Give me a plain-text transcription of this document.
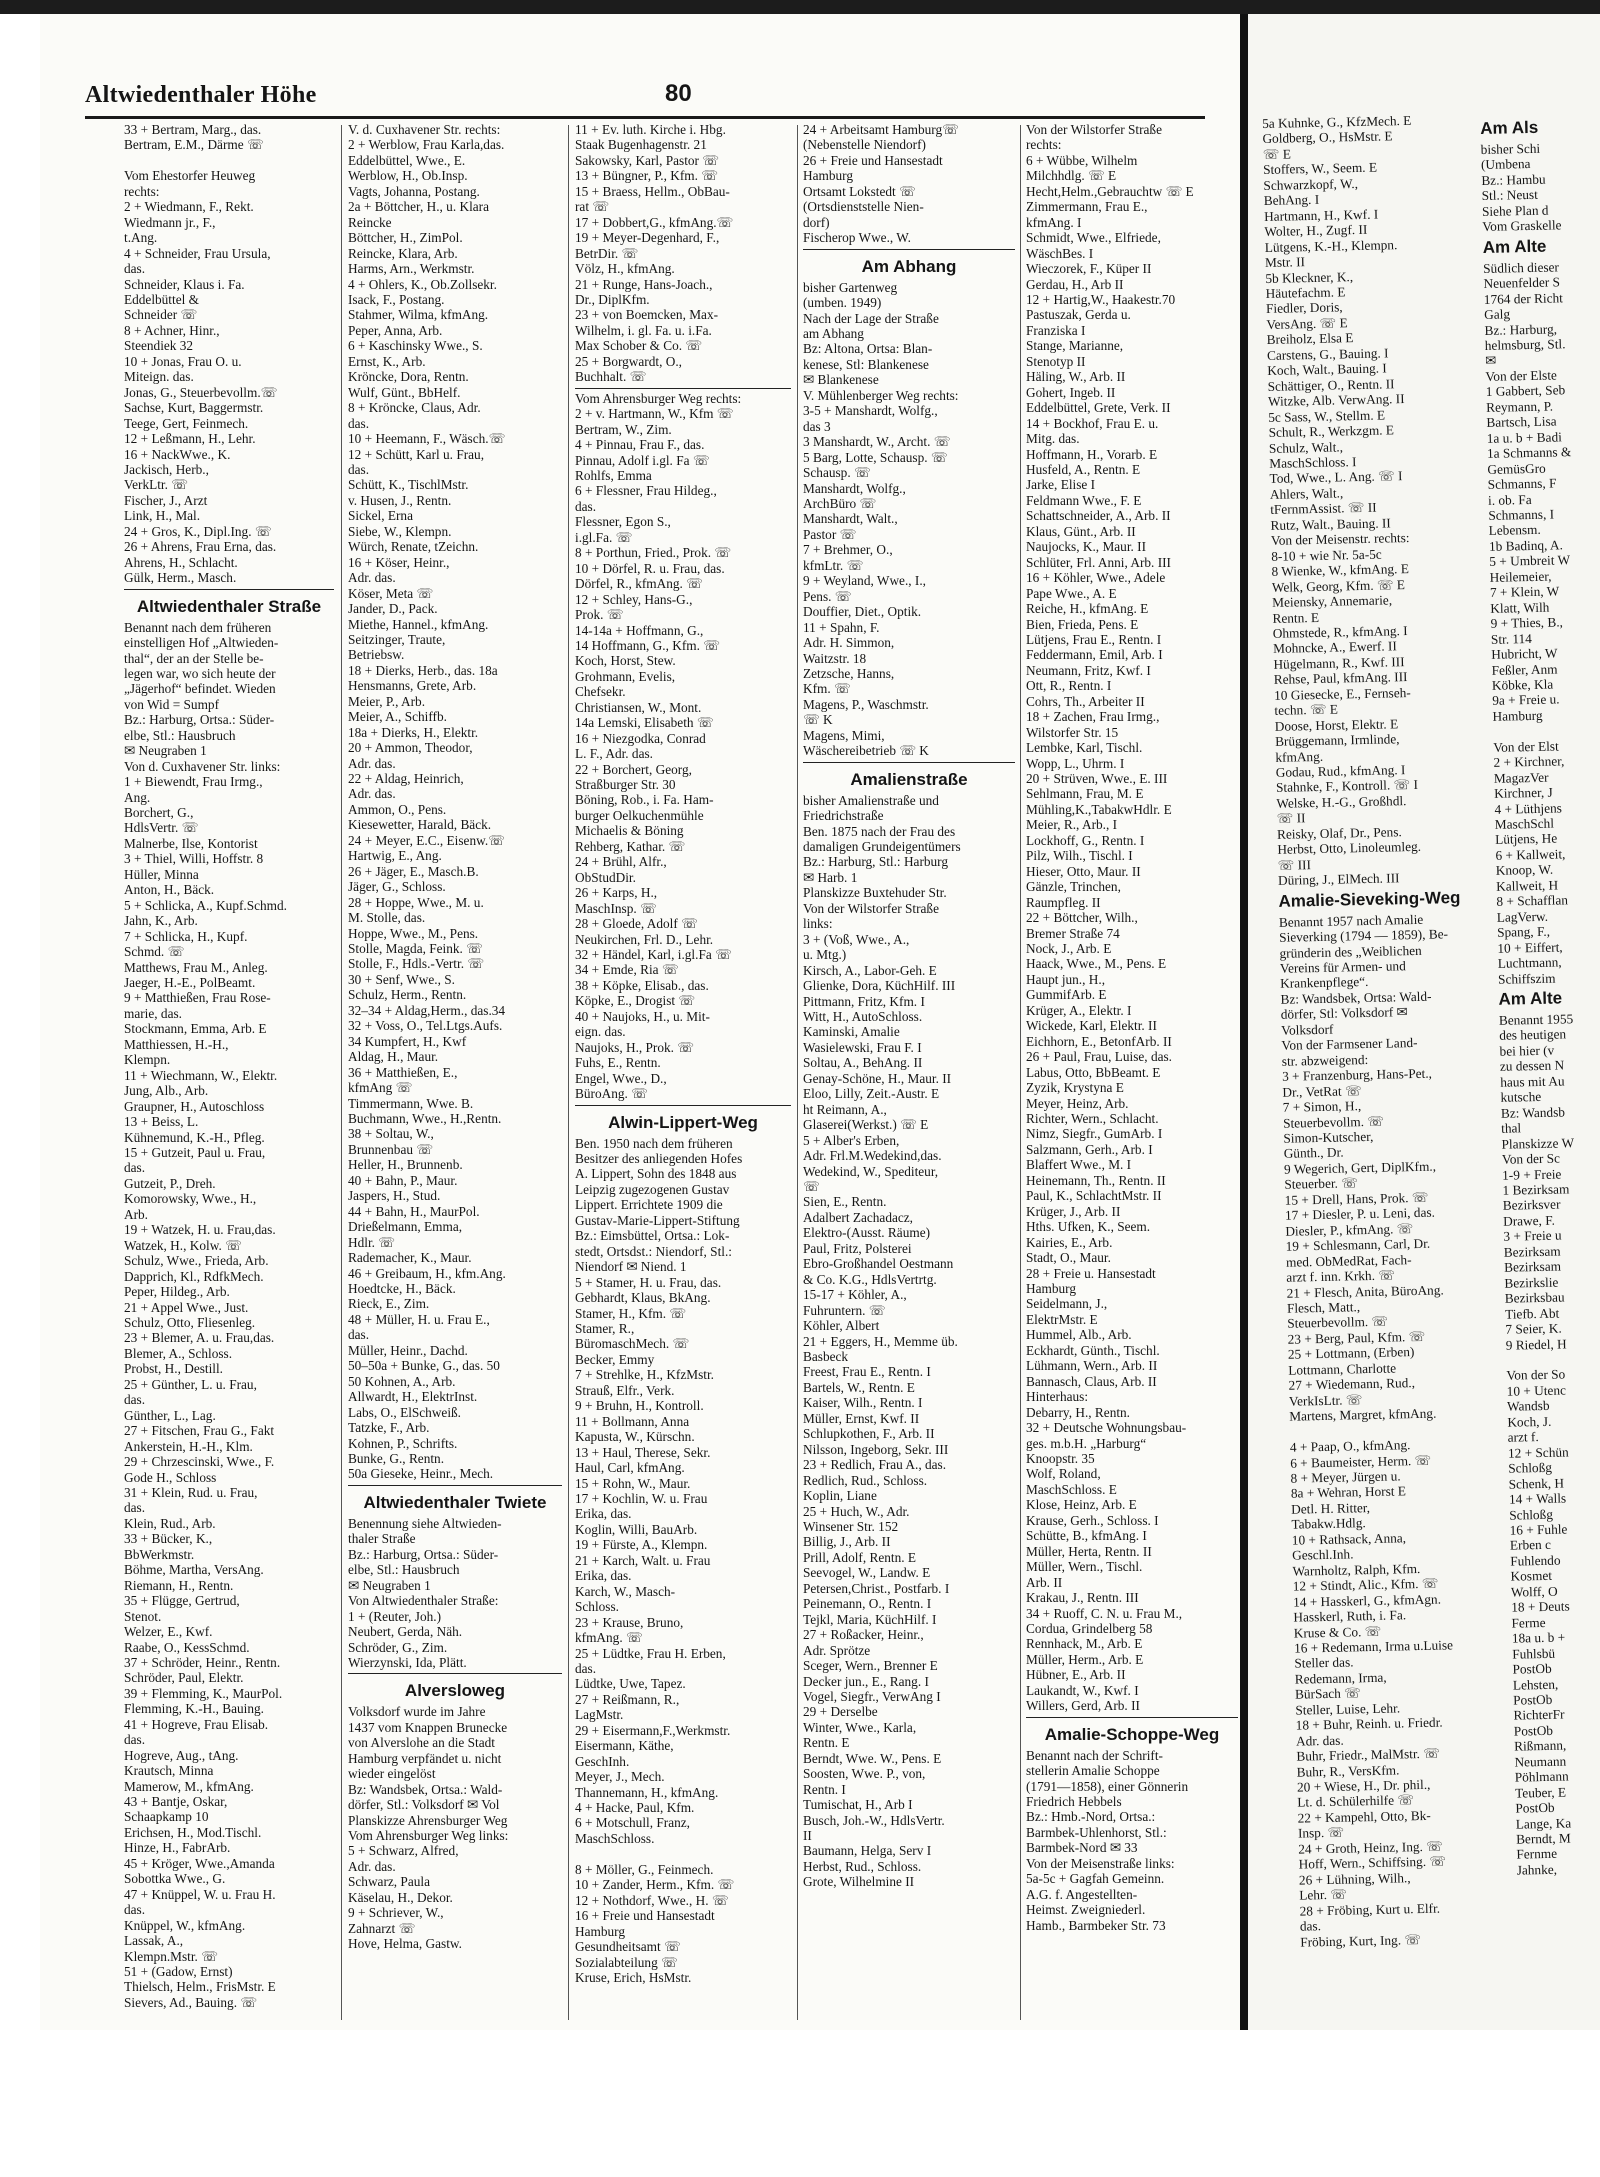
Altwiedenthaler Höhe	80
33 + Bertram, Marg., das.
Bertram, E.M., Därme ☏

Vom Ehestorfer Heuweg
rechts:
2 + Wiedmann, F., Rekt.
Wiedmann jr., F.,
t.Ang.
4 + Schneider, Frau Ursula,
das.
Schneider, Klaus i. Fa.
Eddelbüttel &
Schneider ☏
8 + Achner, Hinr.,
Steendiek 32
10 + Jonas, Frau O. u.
Miteign. das.
Jonas, G., Steuerbevollm.☏
Sachse, Kurt, Baggermstr.
Teege, Gert, Feinmech.
12 + Leßmann, H., Lehr.
16 + NackWwe., K.
Jackisch, Herb.,
VerkLtr. ☏
Fischer, J., Arzt
Link, H., Mal.
24 + Gros, K., Dipl.Ing. ☏
26 + Ahrens, Frau Erna, das.
Ahrens, H., Schlacht.
Gülk, Herm., Masch.
Altwiedenthaler Straße
Benannt nach dem früheren
einstelligen Hof „Altwieden-
thal“, der an der Stelle be-
legen war, wo sich heute der
„Jägerhof“ befindet. Wieden
von Wid = Sumpf
Bz.: Harburg, Ortsa.: Süder-
elbe, Stl.: Hausbruch
✉ Neugraben 1
Von d. Cuxhavener Str. links:
1 + Biewendt, Frau Irmg.,
Ang.
Borchert, G.,
HdlsVertr. ☏
Malnerbe, Ilse, Kontorist
3 + Thiel, Willi, Hoffstr. 8
Hüller, Minna
Anton, H., Bäck.
5 + Schlicka, A., Kupf.Schmd.
Jahn, K., Arb.
7 + Schlicka, H., Kupf.
Schmd. ☏
Matthews, Frau M., Anleg.
Jaeger, H.-E., PolBeamt.
9 + Matthießen, Frau Rose-
marie, das.
Stockmann, Emma, Arb. E
Matthiessen, H.-H.,
Klempn.
11 + Wiechmann, W., Elektr.
Jung, Alb., Arb.
Graupner, H., Autoschloss
13 + Beiss, L.
Kühnemund, K.-H., Pfleg.
15 + Gutzeit, Paul u. Frau,
das.
Gutzeit, P., Dreh.
Komorowsky, Wwe., H.,
Arb.
19 + Watzek, H. u. Frau,das.
Watzek, H., Kolw. ☏
Schulz, Wwe., Frieda, Arb.
Dapprich, Kl., RdfkMech.
Peper, Hildeg., Arb.
21 + Appel Wwe., Just.
Schulz, Otto, Fliesenleg.
23 + Blemer, A. u. Frau,das.
Blemer, A., Schloss.
Probst, H., Destill.
25 + Günther, L. u. Frau,
das.
Günther, L., Lag.
27 + Fitschen, Frau G., Fakt
Ankerstein, H.-H., Klm.
29 + Chrzescinski, Wwe., F.
Gode H., Schloss
31 + Klein, Rud. u. Frau,
das.
Klein, Rud., Arb.
33 + Bücker, K.,
BbWerkmstr.
Böhme, Martha, VersAng.
Riemann, H., Rentn.
35 + Flügge, Gertrud,
Stenot.
Welzer, E., Kwf.
Raabe, O., KessSchmd.
37 + Schröder, Heinr., Rentn.
Schröder, Paul, Elektr.
39 + Flemming, K., MaurPol.
Flemming, K.-H., Bauing.
41 + Hogreve, Frau Elisab.
das.
Hogreve, Aug., tAng.
Krautsch, Minna
Mamerow, M., kfmAng.
43 + Bantje, Oskar,
Schaapkamp 10
Erichsen, H., Mod.Tischl.
Hinze, H., FabrArb.
45 + Kröger, Wwe.,Amanda
Sobottka Wwe., G.
47 + Knüppel, W. u. Frau H.
das.
Knüppel, W., kfmAng.
Lassak, A.,
Klempn.Mstr. ☏
51 + (Gadow, Ernst)
Thielsch, Helm., FrisMstr. E
Sievers, Ad., Bauing. ☏
V. d. Cuxhavener Str. rechts:
2 + Werblow, Frau Karla,das.
Eddelbüttel, Wwe., E.
Werblow, H., Ob.Insp.
Vagts, Johanna, Postang.
2a + Böttcher, H., u. Klara
Reincke
Böttcher, H., ZimPol.
Reincke, Klara, Arb.
Harms, Arn., Werkmstr.
4 + Ohlers, K., Ob.Zollsekr.
Isack, F., Postang.
Stahmer, Wilma, kfmAng.
Peper, Anna, Arb.
6 + Kaschinsky Wwe., S.
Ernst, K., Arb.
Kröncke, Dora, Rentn.
Wulf, Günt., BbHelf.
8 + Kröncke, Claus, Adr.
das.
10 + Heemann, F., Wäsch.☏
12 + Schütt, Karl u. Frau,
das.
Schütt, K., TischlMstr.
v. Husen, J., Rentn.
Sickel, Erna
Siebe, W., Klempn.
Würch, Renate, tZeichn.
16 + Köser, Heinr.,
Adr. das.
Köser, Meta ☏
Jander, D., Pack.
Miethe, Hannel., kfmAng.
Seitzinger, Traute,
Betriebsw.
18 + Dierks, Herb., das. 18a
Hensmanns, Grete, Arb.
Meier, P., Arb.
Meier, A., Schiffb.
18a + Dierks, H., Elektr.
20 + Ammon, Theodor,
Adr. das.
22 + Aldag, Heinrich,
Adr. das.
Ammon, O., Pens.
Kiesewetter, Harald, Bäck.
24 + Meyer, E.C., Eisenw.☏
Hartwig, E., Ang.
26 + Jäger, E., Masch.B.
Jäger, G., Schloss.
28 + Hoppe, Wwe., M. u.
M. Stolle, das.
Hoppe, Wwe., M., Pens.
Stolle, Magda, Feink. ☏
Stolle, F., Hdls.-Vertr. ☏
30 + Senf, Wwe., S.
Schulz, Herm., Rentn.
32–34 + Aldag,Herm., das.34
32 + Voss, O., Tel.Ltgs.Aufs.
34 Kumpfert, H., Kwf
Aldag, H., Maur.
36 + Matthießen, E.,
kfmAng ☏
Timmermann, Wwe. B.
Buchmann, Wwe., H.,Rentn.
38 + Soltau, W.,
Brunnenbau ☏
Heller, H., Brunnenb.
40 + Bahn, P., Maur.
Jaspers, H., Stud.
44 + Bahn, H., MaurPol.
Drießelmann, Emma,
Hdlr. ☏
Rademacher, K., Maur.
46 + Greibaum, H., kfm.Ang.
Hoedtcke, H., Bäck.
Rieck, E., Zim.
48 + Müller, H. u. Frau E.,
das.
Müller, Heinr., Dachd.
50–50a + Bunke, G., das. 50
50 Kohnen, A., Arb.
Allwardt, H., ElektrInst.
Labs, O., ElSchweiß.
Tatzke, F., Arb.
Kohnen, P., Schrifts.
Bunke, G., Rentn.
50a Gieseke, Heinr., Mech.
Altwiedenthaler Twiete
Benennung siehe Altwieden-
thaler Straße
Bz.: Harburg, Ortsa.: Süder-
elbe, Stl.: Hausbruch
✉ Neugraben 1
Von Altwiedenthaler Straße:
1 + (Reuter, Joh.)
Neubert, Gerda, Näh.
Schröder, G., Zim.
Wierzynski, Ida, Plätt.
Alversloweg
Volksdorf wurde im Jahre
1437 vom Knappen Brunecke
von Alverslohe an die Stadt
Hamburg verpfändet u. nicht
wieder eingelöst
Bz: Wandsbek, Ortsa.: Wald-
dörfer, Stl.: Volksdorf ✉ Vol
Planskizze Ahrensburger Weg
Vom Ahrensburger Weg links:
5 + Schwarz, Alfred,
Adr. das.
Schwarz, Paula
Käselau, H., Dekor.
9 + Schriever, W.,
Zahnarzt ☏
Hove, Helma, Gastw.
11 + Ev. luth. Kirche i. Hbg.
Staak Bugenhagenstr. 21
Sakowsky, Karl, Pastor ☏
13 + Büngner, P., Kfm. ☏
15 + Braess, Hellm., ObBau-
rat ☏
17 + Dobbert,G., kfmAng.☏
19 + Meyer-Degenhard, F.,
BetrDir. ☏
Völz, H., kfmAng.
21 + Runge, Hans-Joach.,
Dr., DiplKfm.
23 + von Boemcken, Max-
Wilhelm, i. gl. Fa. u. i.Fa.
Max Schober & Co. ☏
25 + Borgwardt, O.,
Buchhalt. ☏
Vom Ahrensburger Weg rechts:
2 + v. Hartmann, W., Kfm ☏
Bertram, W., Zim.
4 + Pinnau, Frau F., das.
Pinnau, Adolf i.gl. Fa ☏
Rohlfs, Emma
6 + Flessner, Frau Hildeg.,
das.
Flessner, Egon S.,
i.gl.Fa. ☏
8 + Porthun, Fried., Prok. ☏
10 + Dörfel, R. u. Frau, das.
Dörfel, R., kfmAng. ☏
12 + Schley, Hans-G.,
Prok. ☏
14-14a + Hoffmann, G.,
14 Hoffmann, G., Kfm. ☏
Koch, Horst, Stew.
Grohmann, Evelis,
Chefsekr.
Christiansen, W., Mont.
14a Lemski, Elisabeth ☏
16 + Niezgodka, Conrad
L. F., Adr. das.
22 + Borchert, Georg,
Straßburger Str. 30
Böning, Rob., i. Fa. Ham-
burger Oelkuchenmühle
Michaelis & Böning
Rehberg, Kathar. ☏
24 + Brühl, Alfr.,
ObStudDir.
26 + Karps, H.,
MaschInsp. ☏
28 + Gloede, Adolf ☏
Neukirchen, Frl. D., Lehr.
32 + Händel, Karl, i.gl.Fa ☏
34 + Emde, Ria ☏
38 + Köpke, Elisab., das.
Köpke, E., Drogist ☏
40 + Naujoks, H., u. Mit-
eign. das.
Naujoks, H., Prok. ☏
Fuhs, E., Rentn.
Engel, Wwe., D.,
BüroAng. ☏
Alwin-Lippert-Weg
Ben. 1950 nach dem früheren
Besitzer des anliegenden Hofes
A. Lippert, Sohn des 1848 aus
Leipzig zugezogenen Gustav
Lippert. Errichtete 1909 die
Gustav-Marie-Lippert-Stiftung
Bz.: Eimsbüttel, Ortsa.: Lok-
stedt, Ortsdst.: Niendorf, Stl.:
Niendorf ✉ Niend. 1
5 + Stamer, H. u. Frau, das.
Gebhardt, Klaus, BkAng.
Stamer, H., Kfm. ☏
Stamer, R.,
BüromaschMech. ☏
Becker, Emmy
7 + Strehlke, H., KfzMstr.
Strauß, Elfr., Verk.
9 + Bruhn, H., Kontroll.
11 + Bollmann, Anna
Kapusta, W., Kürschn.
13 + Haul, Therese, Sekr.
Haul, Carl, kfmAng.
15 + Rohn, W., Maur.
17 + Kochlin, W. u. Frau
Erika, das.
Koglin, Willi, BauArb.
19 + Fürste, A., Klempn.
21 + Karch, Walt. u. Frau
Erika, das.
Karch, W., Masch-
Schloss.
23 + Krause, Bruno,
kfmAng. ☏
25 + Lüdtke, Frau H. Erben,
das.
Lüdtke, Uwe, Tapez.
27 + Reißmann, R.,
LagMstr.
29 + Eisermann,F.,Werkmstr.
Eisermann, Käthe,
GeschInh.
Meyer, J., Mech.
Thannemann, H., kfmAng.
4 + Hacke, Paul, Kfm.
6 + Motschull, Franz,
MaschSchloss.

8 + Möller, G., Feinmech.
10 + Zander, Herm., Kfm. ☏
12 + Nothdorf, Wwe., H. ☏
16 + Freie und Hansestadt
Hamburg
Gesundheitsamt ☏
Sozialabteilung ☏
Kruse, Erich, HsMstr.
24 + Arbeitsamt Hamburg☏
(Nebenstelle Niendorf)
26 + Freie und Hansestadt
Hamburg
Ortsamt Lokstedt ☏
(Ortsdienststelle Nien-
dorf)
Fischerop Wwe., W.
Am Abhang
bisher Gartenweg
(umben. 1949)
Nach der Lage der Straße
am Abhang
Bz: Altona, Ortsa: Blan-
kenese, Stl: Blankenese
✉ Blankenese
V. Mühlenberger Weg rechts:
3-5 + Manshardt, Wolfg.,
das 3
3 Manshardt, W., Archt. ☏
5 Barg, Lotte, Schausp. ☏
Schausp. ☏
Manshardt, Wolfg.,
ArchBüro ☏
Manshardt, Walt.,
Pastor ☏
7 + Brehmer, O.,
kfmLtr. ☏
9 + Weyland, Wwe., I.,
Pens. ☏
Douffier, Diet., Optik.
11 + Spahn, F.
Adr. H. Simmon,
Waitzstr. 18
Zetzsche, Hanns,
Kfm. ☏
Magens, P., Waschmstr.
☏ K
Magens, Mimi,
Wäschereibetrieb ☏ K
Amalienstraße
bisher Amalienstraße und
Friedrichstraße
Ben. 1875 nach der Frau des
damaligen Grundeigentümers
Bz.: Harburg, Stl.: Harburg
✉ Harb. 1
Planskizze Buxtehuder Str.
Von der Wilstorfer Straße
links:
3 + (Voß, Wwe., A.,
u. Mtg.)
Kirsch, A., Labor-Geh. E
Glienke, Dora, KüchHilf. III
Pittmann, Fritz, Kfm. I
Witt, H., AutoSchloss.
Kaminski, Amalie
Wasielewski, Frau F. I
Soltau, A., BehAng. II
Genay-Schöne, H., Maur. II
Eloo, Lilly, Zeit.-Austr. E
ht Reimann, A.,
Glaserei(Werkst.) ☏ E
5 + Alber's Erben,
Adr. Frl.M.Wedekind,das.
Wedekind, W., Spediteur,
☏
Sien, E., Rentn.
Adalbert Zachadacz,
Elektro-(Ausst. Räume)
Paul, Fritz, Polsterei
Ebro-Großhandel Oestmann
& Co. K.G., HdlsVertrtg.
15-17 + Köhler, A.,
Fuhruntern. ☏
Köhler, Albert
21 + Eggers, H., Memme üb.
Basbeck
Freest, Frau E., Rentn. I
Bartels, W., Rentn. E
Kaiser, Wilh., Rentn. I
Müller, Ernst, Kwf. II
Schlupkothen, F., Arb. II
Nilsson, Ingeborg, Sekr. III
23 + Redlich, Frau A., das.
Redlich, Rud., Schloss.
Koplin, Liane
25 + Huch, W., Adr.
Winsener Str. 152
Billig, J., Arb. II
Prill, Adolf, Rentn. E
Seevogel, W., Landw. E
Petersen,Christ., Postfarb. I
Peinemann, O., Rentn. I
Tejkl, Maria, KüchHilf. I
27 + Roßacker, Heinr.,
Adr. Sprötze
Sceger, Wern., Brenner E
Decker jun., E., Rang. I
Vogel, Siegfr., VerwAng I
29 + Derselbe
Winter, Wwe., Karla,
Rentn. E
Berndt, Wwe. W., Pens. E
Soosten, Wwe. P., von,
Rentn. I
Tumischat, H., Arb I
Busch, Joh.-W., HdlsVertr.
II
Baumann, Helga, Serv I
Herbst, Rud., Schloss.
Grote, Wilhelmine II
Von der Wilstorfer Straße
rechts:
6 + Wübbe, Wilhelm
Milchhdlg. ☏ E
Hecht,Helm.,Gebrauchtw ☏ E
Zimmermann, Frau E.,
kfmAng. I
Schmidt, Wwe., Elfriede,
WäschBes. I
Wieczorek, F., Küper II
Gerdau, H., Arb II
12 + Hartig,W., Haakestr.70
Pastuszak, Gerda u.
Franziska I
Stange, Marianne,
Stenotyp II
Häling, W., Arb. II
Gohert, Ingeb. II
Eddelbüttel, Grete, Verk. II
14 + Bockhof, Frau E. u.
Mitg. das.
Hoffmann, H., Vorarb. E
Husfeld, A., Rentn. E
Jarke, Elise I
Feldmann Wwe., F. E
Schattschneider, A., Arb. II
Klaus, Günt., Arb. II
Naujocks, K., Maur. II
Schlüter, Frl. Anni, Arb. III
16 + Köhler, Wwe., Adele
Pape Wwe., A. E
Reiche, H., kfmAng. E
Bien, Frieda, Pens. E
Lütjens, Frau E., Rentn. I
Feddermann, Emil, Arb. I
Neumann, Fritz, Kwf. I
Ott, R., Rentn. I
Cohrs, Th., Arbeiter II
18 + Zachen, Frau Irmg.,
Wilstorfer Str. 15
Lembke, Karl, Tischl.
Wopp, L., Uhrm. I
20 + Strüven, Wwe., E. III
Sehlmann, Frau, M. E
Mühling,K.,TabakwHdlr. E
Meier, R., Arb., I
Lockhoff, G., Rentn. I
Pilz, Wilh., Tischl. I
Hieser, Otto, Maur. II
Gänzle, Trinchen,
Raumpfleg. II
22 + Böttcher, Wilh.,
Bremer Straße 74
Nock, J., Arb. E
Haack, Wwe., M., Pens. E
Haupt jun., H.,
GummifArb. E
Krüger, A., Elektr. I
Wickede, Karl, Elektr. II
Eichhorn, E., BetonfArb. II
26 + Paul, Frau, Luise, das.
Labus, Otto, BbBeamt. E
Zyzik, Krystyna E
Meyer, Heinz, Arb.
Richter, Wern., Schlacht.
Nimz, Siegfr., GumArb. I
Salzmann, Gerh., Arb. I
Blaffert Wwe., M. I
Heinemann, Th., Rentn. II
Paul, K., SchlachtMstr. II
Krüger, J., Arb. II
Hths. Ufken, K., Seem.
Kairies, E., Arb.
Stadt, O., Maur.
28 + Freie u. Hansestadt
Hamburg
Seidelmann, J.,
ElektrMstr. E
Hummel, Alb., Arb.
Eckhardt, Günth., Tischl.
Lühmann, Wern., Arb. II
Bannasch, Claus, Arb. II
Hinterhaus:
Debarry, H., Rentn.
32 + Deutsche Wohnungsbau-
ges. m.b.H. „Harburg“
Knoopstr. 35
Wolf, Roland,
MaschSchloss. E
Klose, Heinz, Arb. E
Krause, Gerh., Schloss. I
Schütte, B., kfmAng. I
Müller, Herta, Rentn. II
Müller, Wern., Tischl.
Arb. II
Krakau, J., Rentn. III
34 + Ruoff, C. N. u. Frau M.,
Cordua, Grindelberg 58
Rennhack, M., Arb. E
Müller, Herm., Arb. E
Hübner, E., Arb. II
Laukandt, W., Kwf. I
Willers, Gerd, Arb. II
Amalie-Schoppe-Weg
Benannt nach der Schrift-
stellerin Amalie Schoppe
(1791—1858), einer Gönnerin
Friedrich Hebbels
Bz.: Hmb.-Nord, Ortsa.:
Barmbek-Uhlenhorst, Stl.:
Barmbek-Nord ✉ 33
Von der Meisenstraße links:
5a-5c + Gagfah Gemeinn.
A.G. f. Angestellten-
Heimst. Zweigniederl.
Hamb., Barmbeker Str. 73
5a Kuhnke, G., KfzMech. E
Goldberg, O., HsMstr. E
☏ E
Stoffers, W., Seem. E
Schwarzkopf, W.,
BehAng. I
Hartmann, H., Kwf. I
Wolter, H., Zugf. II
Lütgens, K.-H., Klempn.
Mstr. II
5b Kleckner, K.,
Häutefachm. E
Fiedler, Doris,
VersAng. ☏ E
Breiholz, Elsa E
Carstens, G., Bauing. I
Koch, Walt., Bauing. I
Schättiger, O., Rentn. II
Witzke, Alb. VerwAng. II
5c Sass, W., Stellm. E
Schult, R., Werkzgm. E
Schulz, Walt.,
MaschSchloss. I
Tod, Wwe., L. Ang. ☏ I
Ahlers, Walt.,
tFernmAssist. ☏ II
Rutz, Walt., Bauing. II
Von der Meisenstr. rechts:
8-10 + wie Nr. 5a-5c
8 Wienke, W., kfmAng. E
Welk, Georg, Kfm. ☏ E
Meiensky, Annemarie,
Rentn. E
Ohmstede, R., kfmAng. I
Mohncke, A., Ewerf. II
Hügelmann, R., Kwf. III
Rehse, Paul, kfmAng. III
10 Giesecke, E., Fernseh-
techn. ☏ E
Doose, Horst, Elektr. E
Brüggemann, Irmlinde,
kfmAng.
Godau, Rud., kfmAng. I
Stahnke, F., Kontroll. ☏ I
Welske, H.-G., Großhdl.
☏ II
Reisky, Olaf, Dr., Pens.
Herbst, Otto, Linoleumleg.
☏ III
Düring, J., ElMech. III
Amalie-Sieveking-Weg
Benannt 1957 nach Amalie
Sieverking (1794 — 1859), Be-
gründerin des „Weiblichen
Vereins für Armen- und
Krankenpflege“.
Bz: Wandsbek, Ortsa: Wald-
dörfer, Stl: Volksdorf ✉
Volksdorf
Von der Farmsener Land-
str. abzweigend:
3 + Franzenburg, Hans-Pet.,
Dr., VetRat ☏
7 + Simon, H.,
Steuerbevollm. ☏
Simon-Kutscher,
Günth., Dr.
9 Wegerich, Gert, DiplKfm.,
Steuerber. ☏
15 + Drell, Hans, Prok. ☏
17 + Diesler, P. u. Leni, das.
Diesler, P., kfmAng. ☏
19 + Schlesmann, Carl, Dr.
med. ObMedRat, Fach-
arzt f. inn. Krkh. ☏
21 + Flesch, Anita, BüroAng.
Flesch, Matt.,
Steuerbevollm. ☏
23 + Berg, Paul, Kfm. ☏
25 + Lottmann, (Erben)
Lottmann, Charlotte
27 + Wiedemann, Rud.,
VerkIsLtr. ☏
Martens, Margret, kfmAng.

4 + Paap, O., kfmAng.
6 + Baumeister, Herm. ☏
8 + Meyer, Jürgen u.
8a + Wehran, Horst E
Detl. H. Ritter,
Tabakw.Hdlg.
10 + Rathsack, Anna,
Geschl.Inh.
Warnholtz, Ralph, Kfm.
12 + Stindt, Alic., Kfm. ☏
14 + Hasskerl, G., kfmAgn.
Hasskerl, Ruth, i. Fa.
Kruse & Co. ☏
16 + Redemann, Irma u.Luise
Steller das.
Redemann, Irma,
BürSach ☏
Steller, Luise, Lehr.
18 + Buhr, Reinh. u. Friedr.
Adr. das.
Buhr, Friedr., MalMstr. ☏
Buhr, R., VersKfm.
20 + Wiese, H., Dr. phil.,
Lt. d. Schülerhilfe ☏
22 + Kampehl, Otto, Bk-
Insp. ☏
24 + Groth, Heinz, Ing. ☏
Hoff, Wern., Schiffsing. ☏
26 + Lühning, Wilh.,
Lehr. ☏
28 + Fröbing, Kurt u. Elfr.
das.
Fröbing, Kurt, Ing. ☏
Am Als
bisher Schi
(Umbena
Bz.: Hambu
Stl.: Neust
Siehe Plan d
Vom Graskelle
Am Alte
Südlich dieser
Neuenfelder S
1764 der Richt
Galg
Bz.: Harburg,
helmsburg, Stl.
✉
Von der Elste
1 Gabbert, Seb
Reymann, P.
Bartsch, Lisa
1a u. b + Badi
1a Schmanns &
GemüsGro
Schmanns, F
i. ob. Fa
Schmanns, I
Lebensm.
1b Badinq, A.
5 + Umbreit W
Heilemeier,
7 + Klein, W
Klatt, Wilh
9 + Thies, B.,
Str. 114
Hubricht, W
Feßler, Anm
Köbke, Kla
9a + Freie u.
Hamburg

Von der Elst
2 + Kirchner,
MagazVer
Kirchner, J
4 + Lüthjens
MaschSchl
Lütjens, He
6 + Kallweit,
Knoop, W.
Kallweit, H
8 + Schafflan
LagVerw.
Spang, F.,
10 + Eiffert,
Luchtmann,
Schiffszim
Am Alte
Benannt 1955
des heutigen
bei hier (v
zu dessen N
haus mit Au
kutsche
Bz: Wandsb
thal
Planskizze W
Von der Sc
1-9 + Freie
1 Bezirksam
Bezirksver
Drawe, F.
3 + Freie u
Bezirksam
Bezirksam
Bezirkslie
Bezirksbau
Tiefb. Abt
7 Seier, K.
9 Riedel, H

Von der So
10 + Utenc
Wandsb
Koch, J.
arzt f.
12 + Schün
Schloßg
Schenk, H
14 + Walls
Schloßg
16 + Fuhle
Erben c
Fuhlendo
Kosmet
Wolff, O
18 + Deuts
Ferme
18a u. b +
Fuhlsbü
PostOb
Lehsten,
PostOb
RichterFr
PostOb
Rißmann,
Neumann
Pöhlmann
Teuber, E
PostOb
Lange, Ka
Berndt, M
Fernme
Jahnke,
